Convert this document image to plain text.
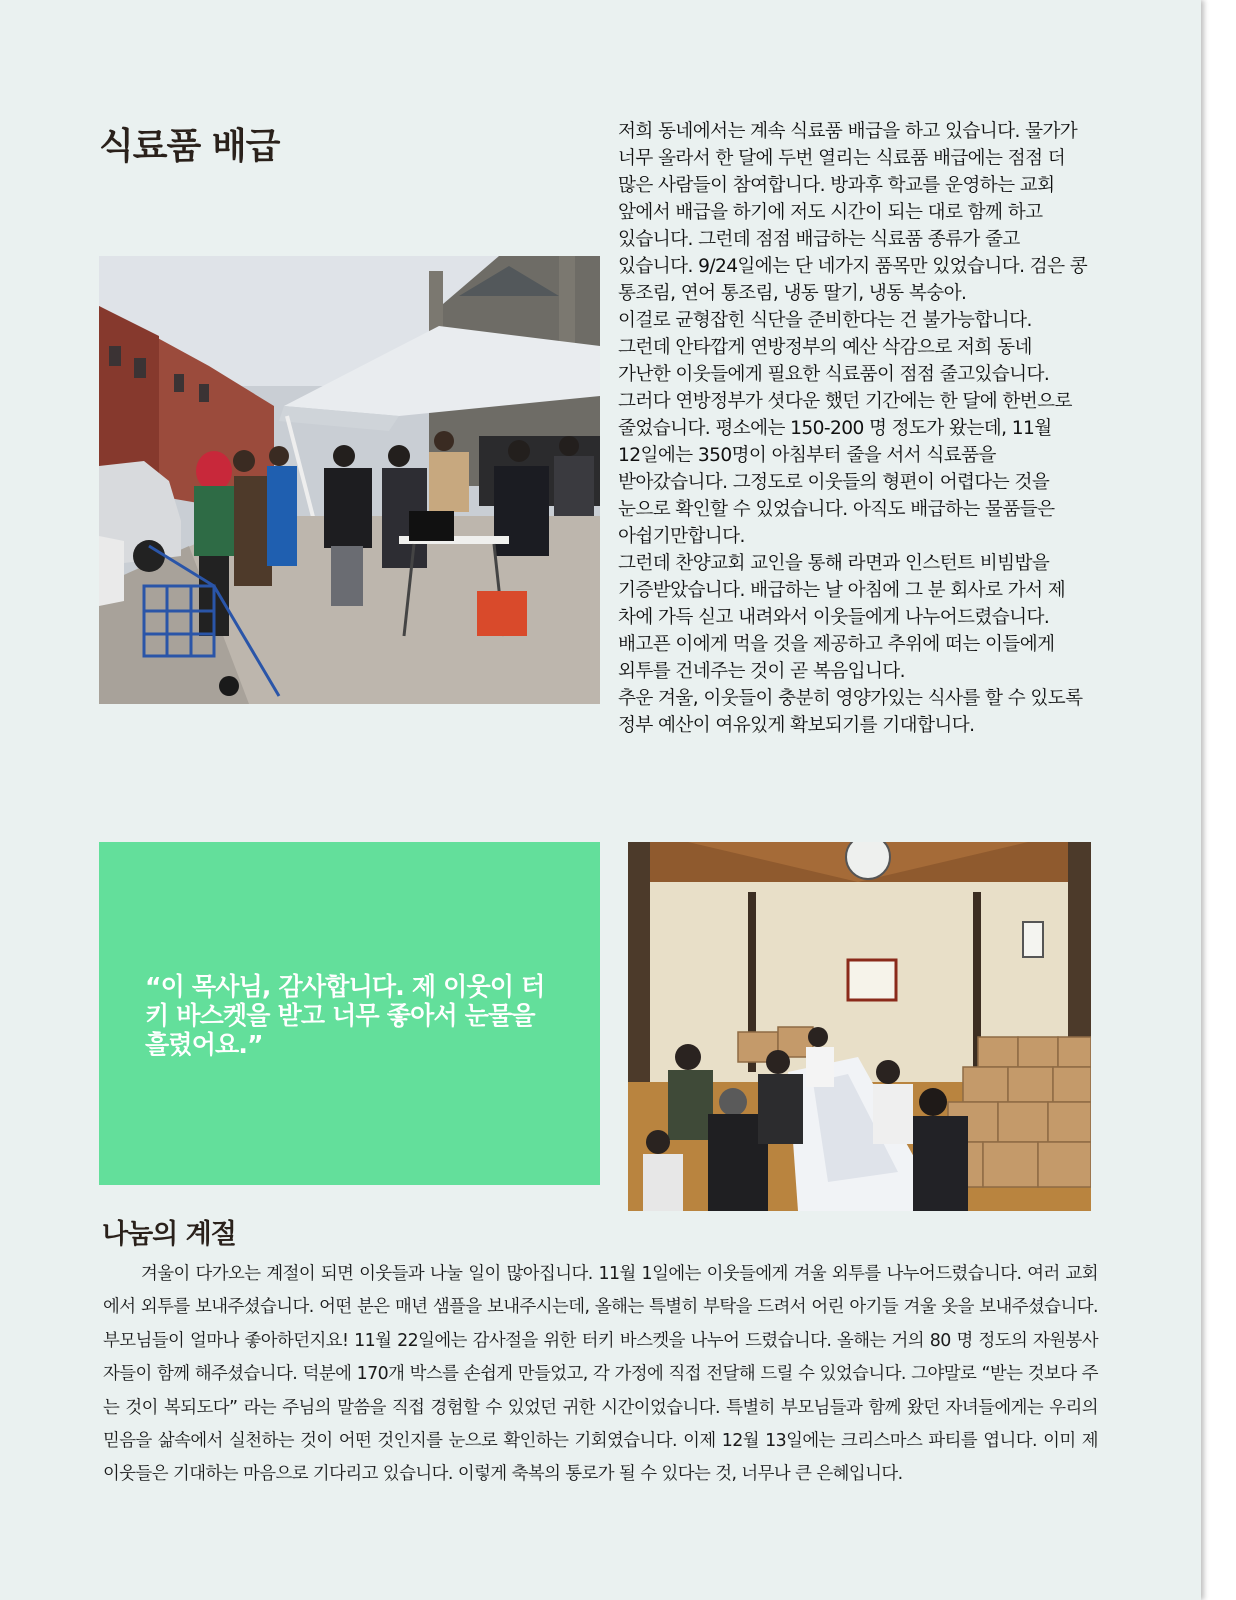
식료품 배급	저희 동네에서는 계속 식료품 배급을 하고 있습니다. 물가가 너무 올라서 한 달에 두번 열리는 식료품 배급에는 점점 더 많은 사람들이 참여합니다. 방과후 학교를 운영하는 교회 앞에서 배급을 하기에 저도 시간이 되는 대로 함께 하고 있습니다. 그런데 점점 배급하는 식료품 종류가 줄고 있습니다. 9/24일에는 단 네가지 품목만 있었습니다. 검은 콩 통조림, 연어 통조림, 냉동 딸기, 냉동 복숭아.

이걸로 균형잡힌 식단을 준비한다는 건 불가능합니다. 그런데 안타깝게 연방정부의 예산 삭감으로 저희 동네 가난한 이웃들에게 필요한 식료품이 점점 줄고있습니다. 그러다 연방정부가 셧다운 했던 기간에는 한 달에 한번으로 줄었습니다. 평소에는 150-200 명 정도가 왔는데, 11월 12일에는 350명이 아침부터 줄을 서서 식료품을 받아갔습니다. 그정도로 이웃들의 형편이 어렵다는 것을 눈으로 확인할 수 있었습니다. 아직도 배급하는 물품들은 아쉽기만합니다.

그런데 찬양교회 교인을 통해 라면과 인스턴트 비빔밥을 기증받았습니다. 배급하는 날 아침에 그 분 회사로 가서 제 차에 가득 싣고 내려와서 이웃들에게 나누어드렸습니다. 배고픈 이에게 먹을 것을 제공하고 추위에 떠는 이들에게 외투를 건네주는 것이 곧 복음입니다.

추운 겨울, 이웃들이 충분히 영양가있는 식사를 할 수 있도록 정부 예산이 여유있게 확보되기를 기대합니다.

“이 목사님, 감사합니다. 제 이웃이 터키 바스켓을 받고 너무 좋아서 눈물을 흘렸어요.”

나눔의 계절

겨울이 다가오는 계절이 되면 이웃들과 나눌 일이 많아집니다. 11월 1일에는 이웃들에게 겨울 외투를 나누어드렸습니다. 여러 교회에서 외투를 보내주셨습니다. 어떤 분은 매년 샘플을 보내주시는데, 올해는 특별히 부탁을 드려서 어린 아기들 겨울 옷을 보내주셨습니다. 부모님들이 얼마나 좋아하던지요! 11월 22일에는 감사절을 위한 터키 바스켓을 나누어 드렸습니다. 올해는 거의 80 명 정도의 자원봉사자들이 함께 해주셨습니다. 덕분에 170개 박스를 손쉽게 만들었고, 각 가정에 직접 전달해 드릴 수 있었습니다. 그야말로 “받는 것보다 주는 것이 복되도다” 라는 주님의 말씀을 직접 경험할 수 있었던 귀한 시간이었습니다. 특별히 부모님들과 함께 왔던 자녀들에게는 우리의 믿음을 삶속에서 실천하는 것이 어떤 것인지를 눈으로 확인하는 기회였습니다. 이제 12월 13일에는 크리스마스 파티를 엽니다. 이미 제 이웃들은 기대하는 마음으로 기다리고 있습니다. 이렇게 축복의 통로가 될 수 있다는 것, 너무나 큰 은혜입니다.
